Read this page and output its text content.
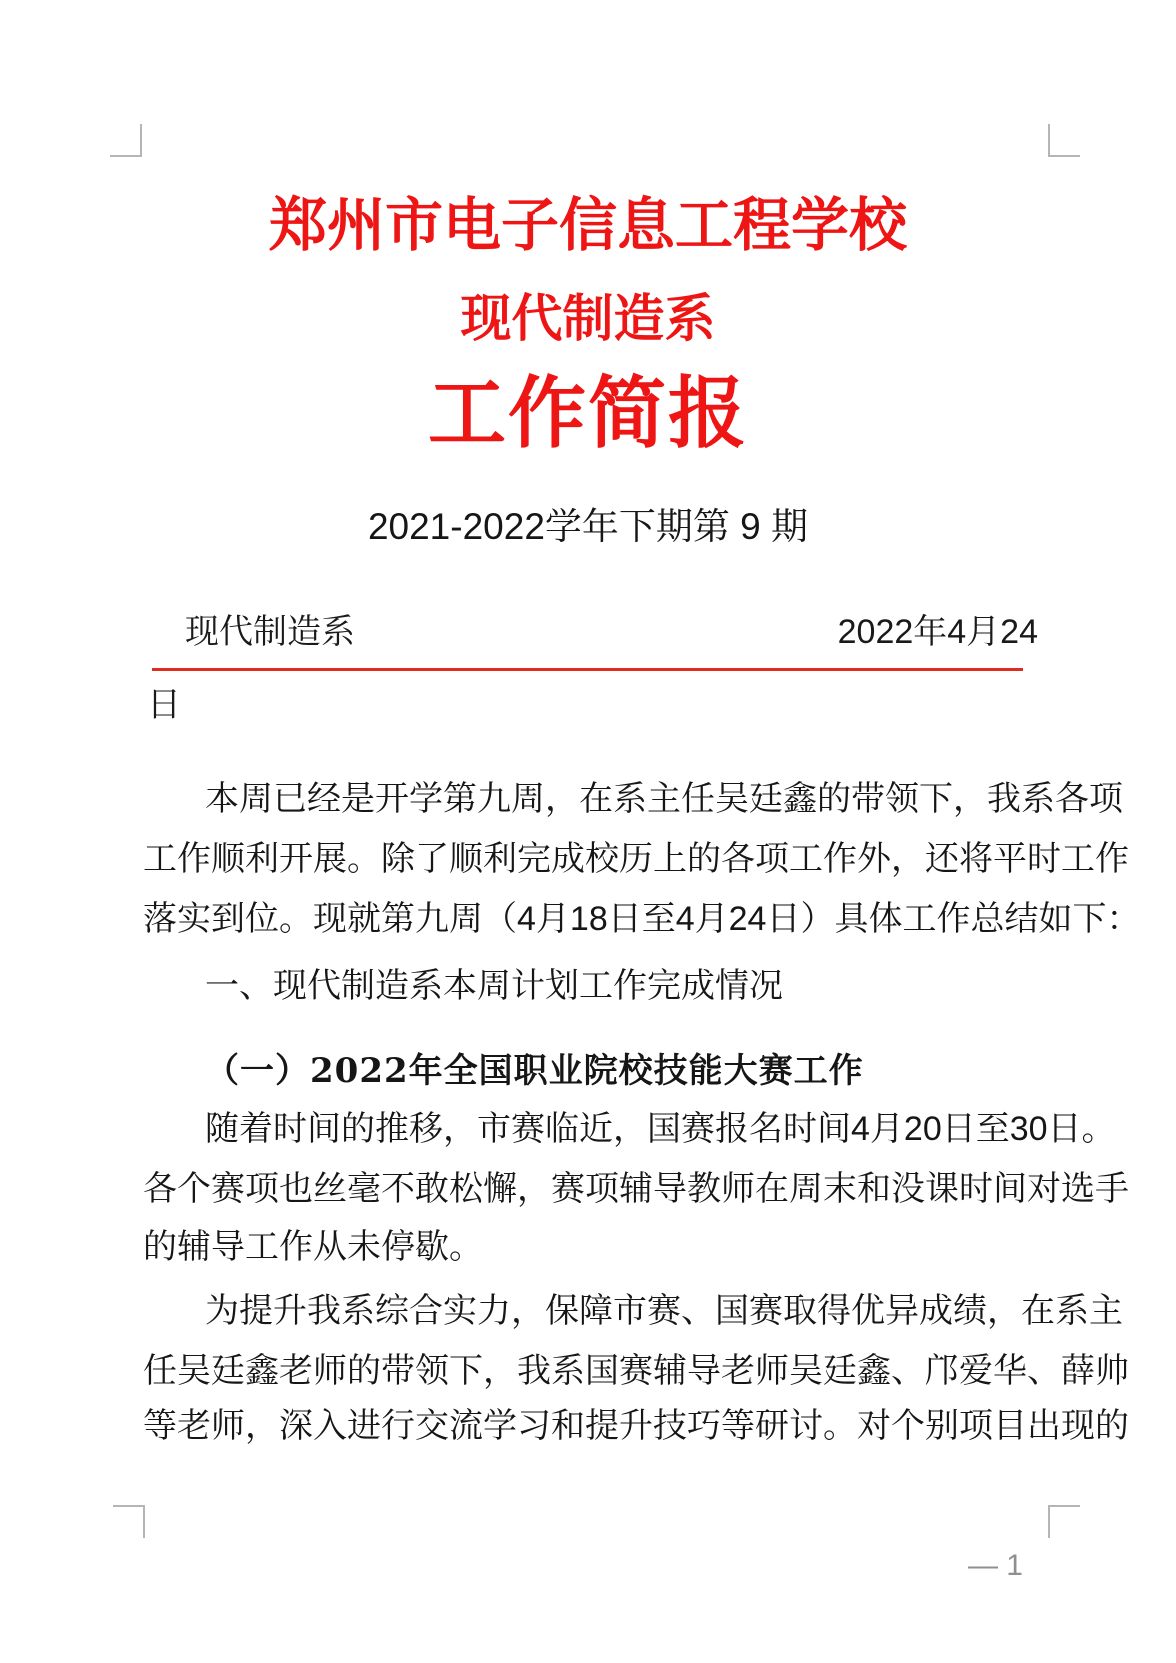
郑州市电子信息工程学校
现代制造系
工作简报
2021-2022学年下期第 9 期
现代制造系	2022年4月24
日
本周已经是开学第九周，在系主任吴廷鑫的带领下，我系各项
工作顺利开展。除了顺利完成校历上的各项工作外，还将平时工作
落实到位。现就第九周（4月18日至4月24日）具体工作总结如下：
一、现代制造系本周计划工作完成情况
（一）2022年全国职业院校技能大赛工作
随着时间的推移，市赛临近，国赛报名时间4月20日至30日。
各个赛项也丝毫不敢松懈，赛项辅导教师在周末和没课时间对选手
的辅导工作从未停歇。
为提升我系综合实力，保障市赛、国赛取得优异成绩，在系主
任吴廷鑫老师的带领下，我系国赛辅导老师吴廷鑫、邝爱华、薛帅
等老师，深入进行交流学习和提升技巧等研讨。对个别项目出现的
— 1
